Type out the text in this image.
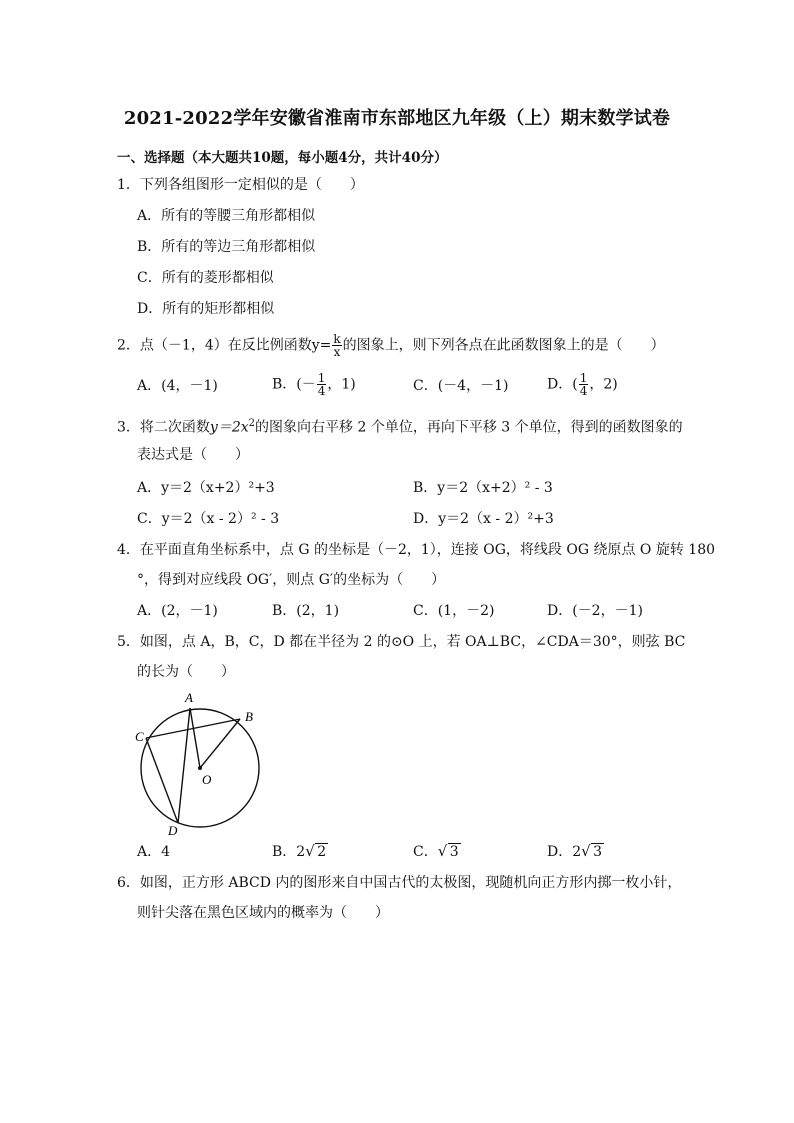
2021-2022学年安徽省淮南市东部地区九年级（上）期末数学试卷
一、选择题（本大题共10题，每小题4分，共计40分）
1．下列各组图形一定相似的是（　　）
A．所有的等腰三角形都相似
B．所有的等边三角形都相似
C．所有的菱形都相似
D．所有的矩形都相似
2．点（－1，4）在反比例函数$y= \frac{k}{x}$ 的图象上，则下列各点在此函数图象上的是（　　）
A．(4，－1)	B．(－ $\frac{1}{4}$ ，1)	C．(－4，－1)	D．( $\frac{1}{4}$ ，2)
3．将二次函数$y=2x^2$的图象向右平移 2 个单位，再向下平移 3 个单位，得到的函数图象的
表达式是（　　）
A．y＝2（x+2）²+3	B．y＝2（x+2）² - 3
C．y＝2（x - 2）² - 3	D．y＝2（x - 2）²+3
4．在平面直角坐标系中，点 G 的坐标是（－2，1），连接 OG，将线段 OG 绕原点 O 旋转 180
°，得到对应线段 OG′，则点 G′的坐标为（　　）
A．(2，－1)	B．(2，1)	C．(1，－2)	D．(－2，－1)
5．如图，点 A，B，C，D 都在半径为 2 的⊙O 上，若 OA⊥BC，∠CDA＝30°，则弦 BC
的长为（　　）
A
B
C
D
O
A．4	B．2 √ 2	C． √ 3	D．2 √ 3
6．如图，正方形 ABCD 内的图形来自中国古代的太极图，现随机向正方形内掷一枚小针，
则针尖落在黑色区域内的概率为（　　）
